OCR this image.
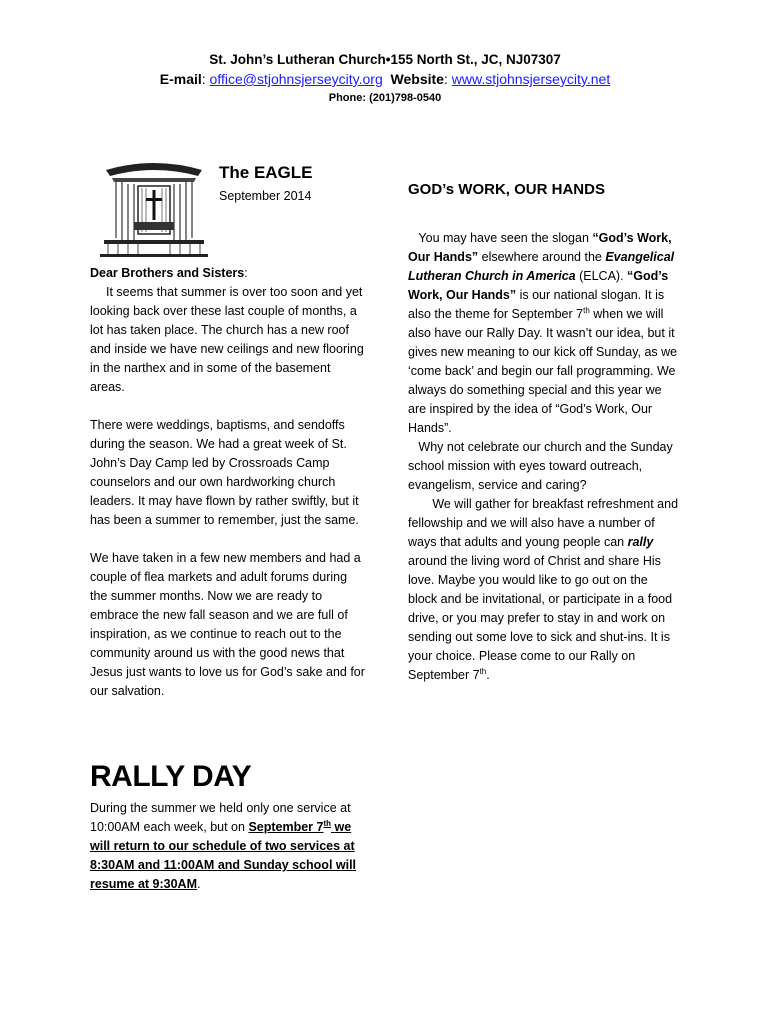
St. John’s Lutheran Church•155 North St., JC, NJ07307
E-mail: office@stjohnsjerseycity.org Website: www.stjohnsjerseycity.net
Phone: (201)798-0540
The EAGLE
September 2014

Dear Brothers and Sisters:

It seems that summer is over too soon and yet looking back over these last couple of months, a lot has taken place. The church has a new roof and inside we have new ceilings and new flooring in the narthex and in some of the basement areas.

There were weddings, baptisms, and sendoffs during the season. We had a great week of St. John’s Day Camp led by Crossroads Camp counselors and our own hardworking church leaders. It may have flown by rather swiftly, but it has been a summer to remember, just the same.

We have taken in a few new members and had a couple of flea markets and adult forums during the summer months. Now we are ready to embrace the new fall season and we are full of inspiration, as we continue to reach out to the community around us with the good news that Jesus just wants to love us for God’s sake and for our salvation.

RALLY DAY
During the summer we held only one service at 10:00AM each week, but on September 7th we will return to our schedule of two services at 8:30AM and 11:00AM and Sunday school will resume at 9:30AM.
GOD’s WORK, OUR HANDS

You may have seen the slogan “God’s Work, Our Hands” elsewhere around the Evangelical Lutheran Church in America (ELCA). “God’s Work, Our Hands” is our national slogan. It is also the theme for September 7th when we will also have our Rally Day. It wasn’t our idea, but it gives new meaning to our kick off Sunday, as we ‘come back’ and begin our fall programming. We always do something special and this year we are inspired by the idea of “God’s Work, Our Hands”.

Why not celebrate our church and the Sunday school mission with eyes toward outreach, evangelism, service and caring?

We will gather for breakfast refreshment and fellowship and we will also have a number of ways that adults and young people can rally around the living word of Christ and share His love. Maybe you would like to go out on the block and be invitational, or participate in a food drive, or you may prefer to stay in and work on sending out some love to sick and shut-ins. It is your choice. Please come to our Rally on September 7th.
